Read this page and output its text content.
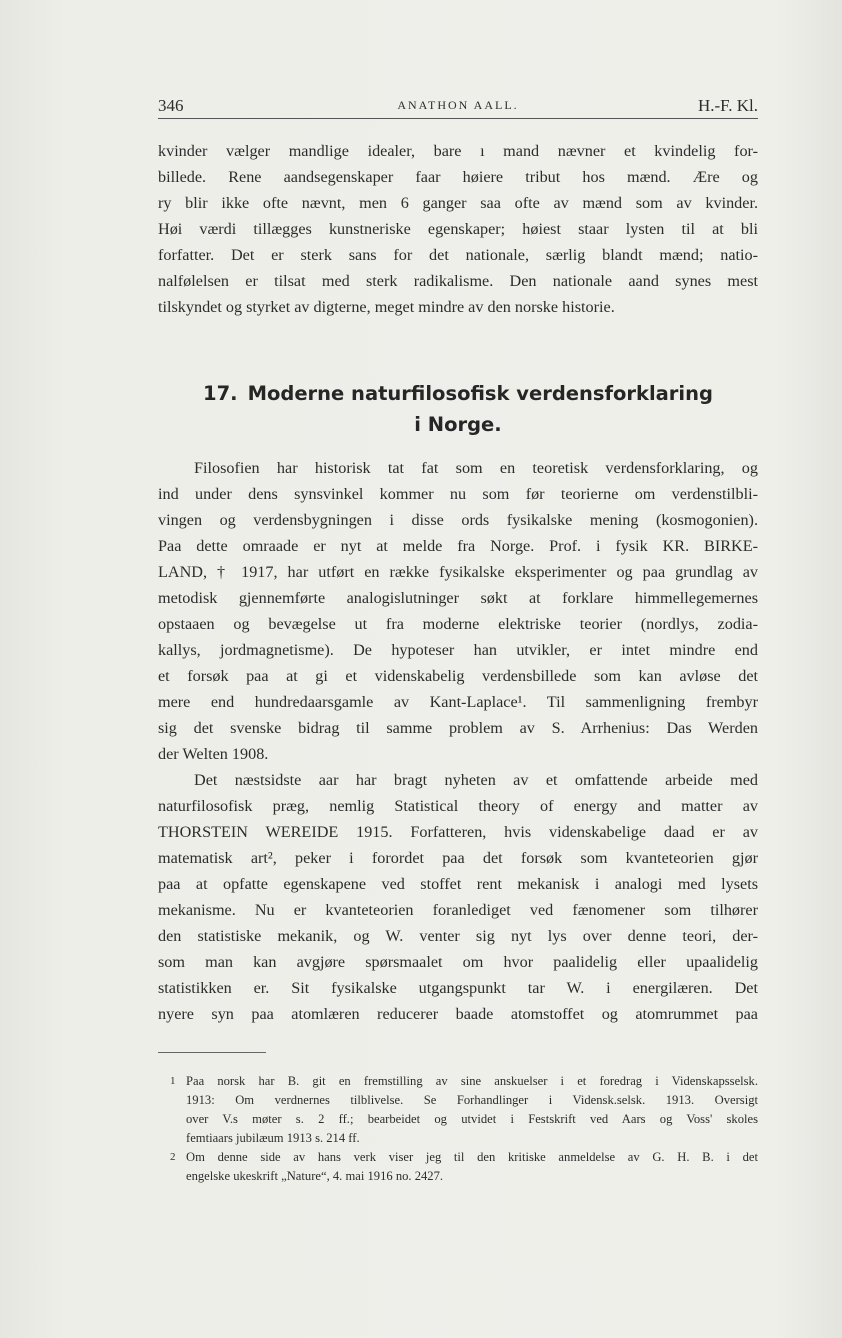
346	ANATHON AALL.	H.-F. Kl.
kvinder vælger mandlige idealer, bare ı mand nævner et kvindelig for-
billede. Rene aandsegenskaper faar høiere tribut hos mænd. Ære og
ry blir ikke ofte nævnt, men 6 ganger saa ofte av mænd som av kvinder.
Høi værdi tillægges kunstneriske egenskaper; høiest staar lysten til at bli
forfatter. Det er sterk sans for det nationale, særlig blandt mænd; natio-
nalfølelsen er tilsat med sterk radikalisme. Den nationale aand synes mest
tilskyndet og styrket av digterne, meget mindre av den norske historie.
17. Moderne naturfilosofisk verdensforklaring
i Norge.
Filosofien har historisk tat fat som en teoretisk verdensforklaring, og
ind under dens synsvinkel kommer nu som før teorierne om verdenstilbli-
vingen og verdensbygningen i disse ords fysikalske mening (kosmogonien).
Paa dette omraade er nyt at melde fra Norge. Prof. i fysik KR. BIRKE-
LAND, † 1917, har utført en række fysikalske eksperimenter og paa grundlag av
metodisk gjennemførte analogislutninger søkt at forklare himmellegemernes
opstaaen og bevægelse ut fra moderne elektriske teorier (nordlys, zodia-
kallys, jordmagnetisme). De hypoteser han utvikler, er intet mindre end
et forsøk paa at gi et videnskabelig verdensbillede som kan avløse det
mere end hundredaarsgamle av Kant-Laplace¹. Til sammenligning frembyr
sig det svenske bidrag til samme problem av S. Arrhenius: Das Werden
der Welten 1908.
Det næstsidste aar har bragt nyheten av et omfattende arbeide med
naturfilosofisk præg, nemlig Statistical theory of energy and matter av
THORSTEIN WEREIDE 1915. Forfatteren, hvis videnskabelige daad er av
matematisk art², peker i forordet paa det forsøk som kvanteteorien gjør
paa at opfatte egenskapene ved stoffet rent mekanisk i analogi med lysets
mekanisme. Nu er kvanteteorien foranlediget ved fænomener som tilhører
den statistiske mekanik, og W. venter sig nyt lys over denne teori, der-
som man kan avgjøre spørsmaalet om hvor paalidelig eller upaalidelig
statistikken er. Sit fysikalske utgangspunkt tar W. i energilæren. Det
nyere syn paa atomlæren reducerer baade atomstoffet og atomrummet paa
1 Paa norsk har B. git en fremstilling av sine anskuelser i et foredrag i Videnskapsselsk.
1913: Om verdnernes tilblivelse. Se Forhandlinger i Vidensk.selsk. 1913. Oversigt
over V.s møter s. 2 ff.; bearbeidet og utvidet i Festskrift ved Aars og Voss' skoles
femtiaars jubilæum 1913 s. 214 ff.
2 Om denne side av hans verk viser jeg til den kritiske anmeldelse av G. H. B. i det
engelske ukeskrift „Nature“, 4. mai 1916 no. 2427.
